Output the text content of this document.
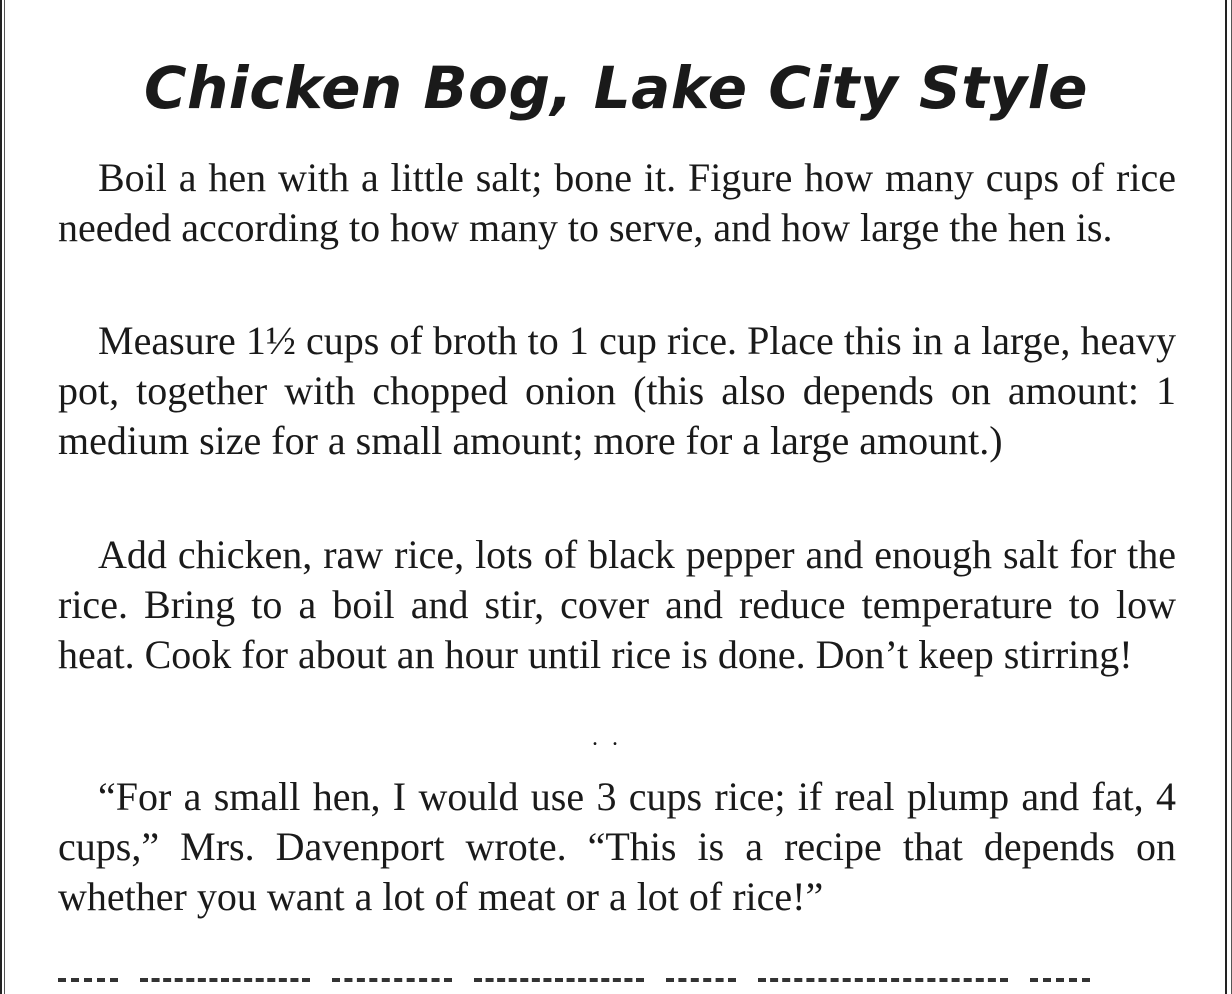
Chicken Bog, Lake City Style

Boil a hen with a little salt; bone it. Figure how many cups of rice needed according to how many to serve, and how large the hen is.

Measure 1½ cups of broth to 1 cup rice. Place this in a large, heavy pot, together with chopped onion (this also depends on amount: 1 medium size for a small amount; more for a large amount.)

Add chicken, raw rice, lots of black pepper and enough salt for the rice. Bring to a boil and stir, cover and reduce temperature to low heat. Cook for about an hour until rice is done. Don’t keep stirring!

. .

“For a small hen, I would use 3 cups rice; if real plump and fat, 4 cups,” Mrs. Davenport wrote. “This is a recipe that depends on whether you want a lot of meat or a lot of rice!”
